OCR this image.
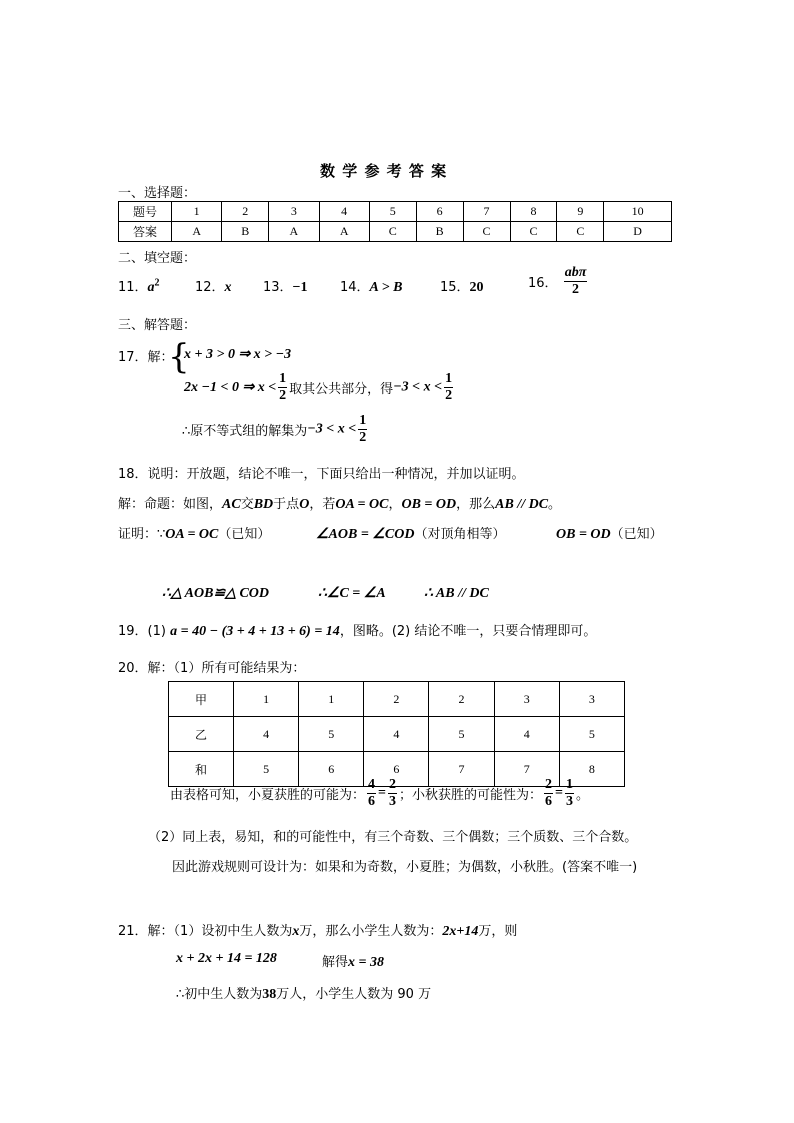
数 学 参 考 答 案
一、选择题：
题号	1	2	3	4	5	6	7	8	9	10
答案	A	B	A	A	C	B	C	C	C	D
二、填空题：
11．$a^2$	12．x 13．−1 14．A > B	15．20	16． $\frac{\text{abπ}}{2}$
三、解答题：
17．解：
{
x + 3 > 0 ⇒ x > −3
2x −1 < 0 ⇒ $x < \frac{1}{2}$ 取其公共部分，得$-3 < x < \frac{1}{2}$
∴原不等式组的解集为$-3 < x < \frac{1}{2}$
18．说明：开放题，结论不唯一，下面只给出一种情况，并加以证明。
解：命题：如图，AC交BD于点O，若OA = OC，OB = OD，那么AB // DC。
证明：∵OA = OC（已知）	∠AOB = ∠COD（对顶角相等）	OB = OD（已知）
∴△ AOB≌△ COD	∴∠C = ∠A	∴ AB // DC
19．(1) a = 40 − (3 + 4 + 13 + 6) = 14，图略。(2) 结论不唯一，只要合情理即可。
20．解：（1）所有可能结果为：
甲	1	1	2	2	3	3
乙	4	5	4	5	4	5
和	5	6	6	7	7	8
由表格可知，小夏获胜的可能为： $\frac{4}{6} = \frac{2}{3}$ ；小秋获胜的可能性为： $\frac{2}{6} = \frac{1}{3}$ 。
（2）同上表，易知，和的可能性中，有三个奇数、三个偶数；三个质数、三个合数。
因此游戏规则可设计为：如果和为奇数，小夏胜；为偶数，小秋胜。(答案不唯一)
21．解：（1）设初中生人数为x万，那么小学生人数为：2x+14万，则
x + 2x + 14 = 128	解得x = 38
∴初中生人数为38万人，小学生人数为 90 万
